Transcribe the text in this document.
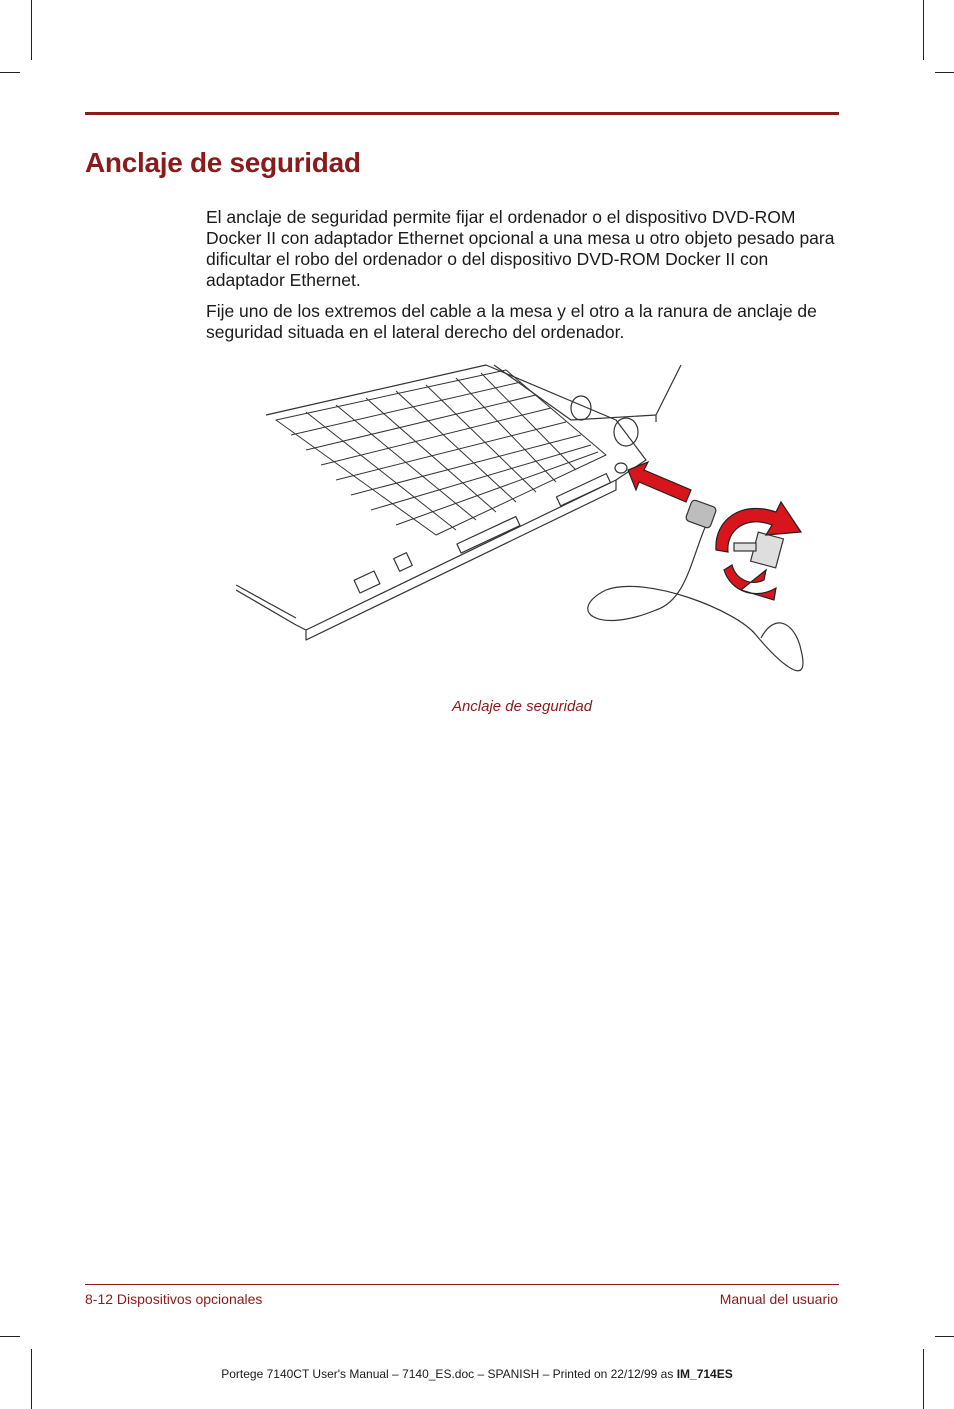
Anclaje de seguridad

El anclaje de seguridad permite fijar el ordenador o el dispositivo DVD-ROM Docker II con adaptador Ethernet opcional a una mesa u otro objeto pesado para dificultar el robo del ordenador o del dispositivo DVD-ROM Docker II con adaptador Ethernet.

Fije uno de los extremos del cable a la mesa y el otro a la ranura de anclaje de seguridad situada en el lateral derecho del ordenador.

Anclaje de seguridad
8-12 Dispositivos opcionales	Manual del usuario
Portege 7140CT User's Manual – 7140_ES.doc – SPANISH – Printed on 22/12/99 as IM_714ES
